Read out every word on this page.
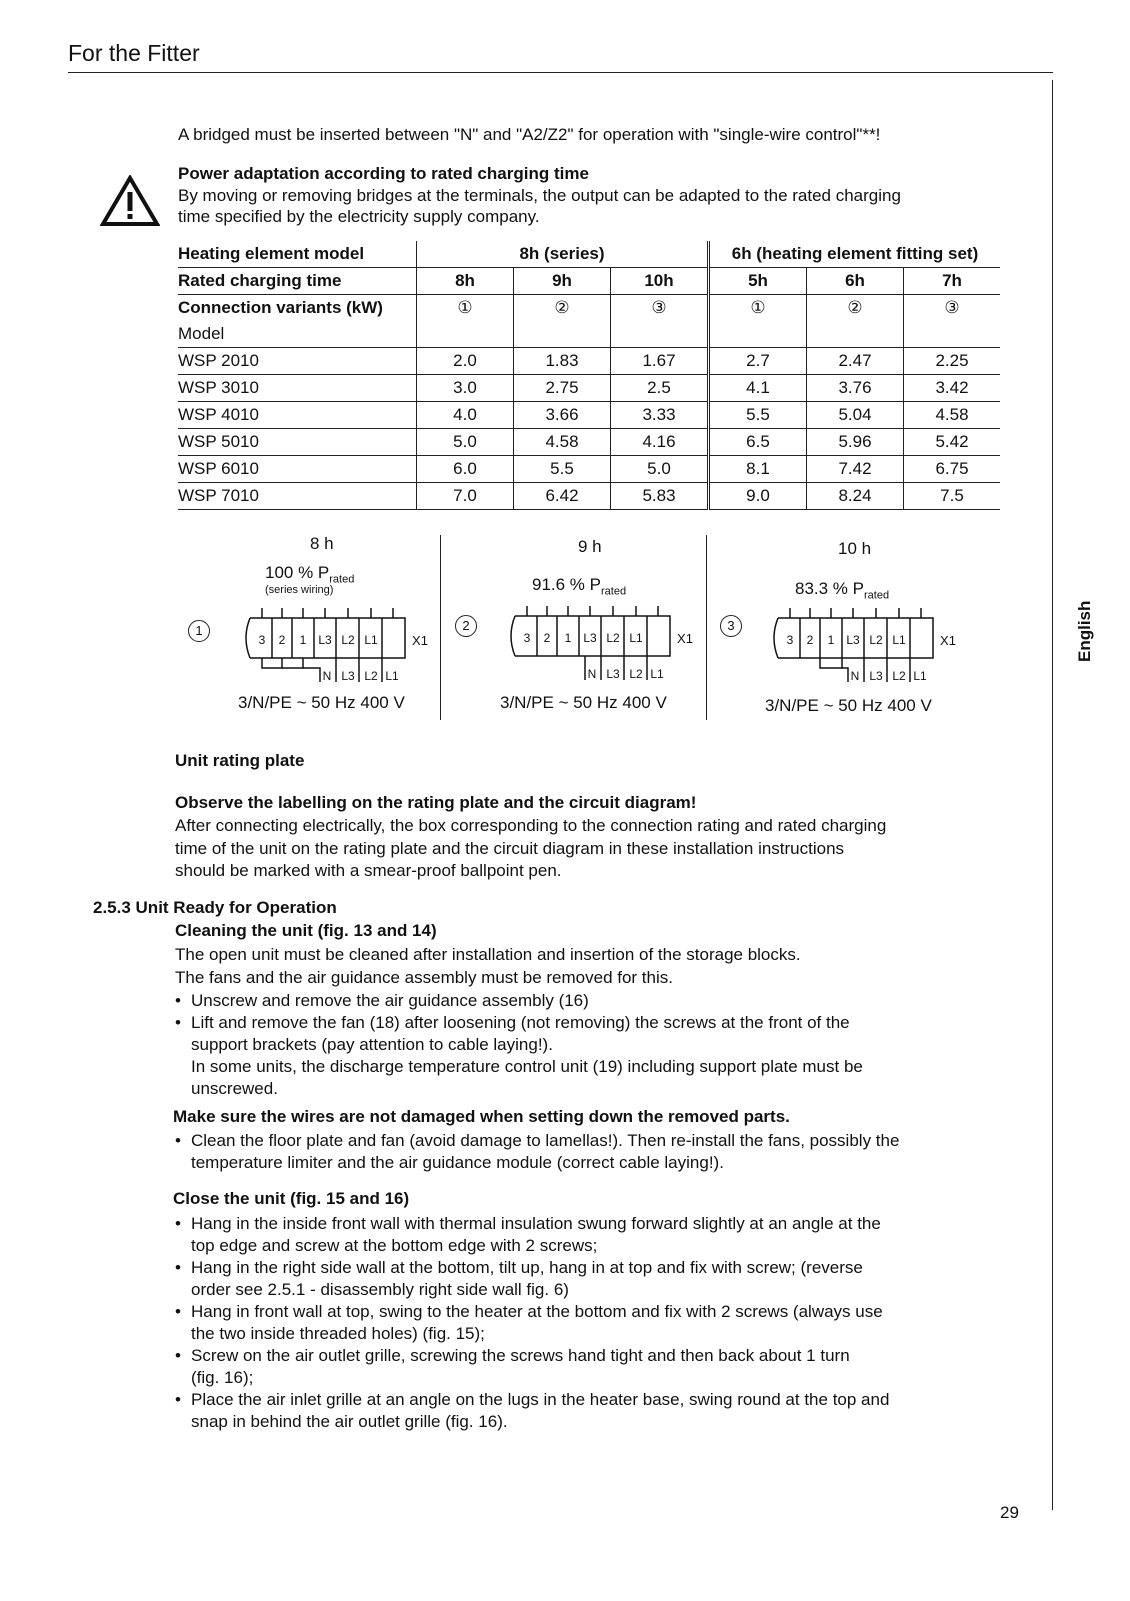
For the Fitter
A bridged must be inserted between "N" and "A2/Z2" for operation with "single-wire control"**!
Power adaptation according to rated charging time
By moving or removing bridges at the terminals, the output can be adapted to the rated charging
time specified by the electricity supply company.
Heating element model	8h (series)			6h (heating element fitting set)		
Rated charging time	8h	9h	10h	5h	6h	7h
Connection variants (kW)	①	②	③	①	②	③
Model						
WSP 2010	2.0	1.83	1.67	2.7	2.47	2.25
WSP 3010	3.0	2.75	2.5	4.1	3.76	3.42
WSP 4010	4.0	3.66	3.33	5.5	5.04	4.58
WSP 5010	5.0	4.58	4.16	6.5	5.96	5.42
WSP 6010	6.0	5.5	5.0	8.1	7.42	6.75
WSP 7010	7.0	6.42	5.83	9.0	8.24	7.5
1
8 h
100 % $P_{rated}$
(series wiring)
3 2 1 L3 L2 L1	X1
N L3 L2 L1
3/N/PE ~ 50 Hz 400 V
2
9 h
91.6 % $P_{rated}$
3 2 1 L3 L2 L1	X1
N L3 L2 L1
3/N/PE ~ 50 Hz 400 V
3
10 h
83.3 % $P_{rated}$
3 2 1 L3 L2 L1	X1
N L3 L2 L1
3/N/PE ~ 50 Hz 400 V
Unit rating plate
Observe the labelling on the rating plate and the circuit diagram!
After connecting electrically, the box corresponding to the connection rating and rated charging
time of the unit on the rating plate and the circuit diagram in these installation instructions
should be marked with a smear-proof ballpoint pen.
2.5.3 Unit Ready for Operation
Cleaning the unit (fig. 13 and 14)
The open unit must be cleaned after installation and insertion of the storage blocks.
The fans and the air guidance assembly must be removed for this.
• Unscrew and remove the air guidance assembly (16)
• Lift and remove the fan (18) after loosening (not removing) the screws at the front of the
support brackets (pay attention to cable laying!).
In some units, the discharge temperature control unit (19) including support plate must be
unscrewed.
Make sure the wires are not damaged when setting down the removed parts.
• Clean the floor plate and fan (avoid damage to lamellas!). Then re-install the fans, possibly the
temperature limiter and the air guidance module (correct cable laying!).
Close the unit (fig. 15 and 16)
• Hang in the inside front wall with thermal insulation swung forward slightly at an angle at the
top edge and screw at the bottom edge with 2 screws;
• Hang in the right side wall at the bottom, tilt up, hang in at top and fix with screw; (reverse
order see 2.5.1 - disassembly right side wall fig. 6)
• Hang in front wall at top, swing to the heater at the bottom and fix with 2 screws (always use
the two inside threaded holes) (fig. 15);
• Screw on the air outlet grille, screwing the screws hand tight and then back about 1 turn
(fig. 16);
• Place the air inlet grille at an angle on the lugs in the heater base, swing round at the top and
snap in behind the air outlet grille (fig. 16).
English
29
